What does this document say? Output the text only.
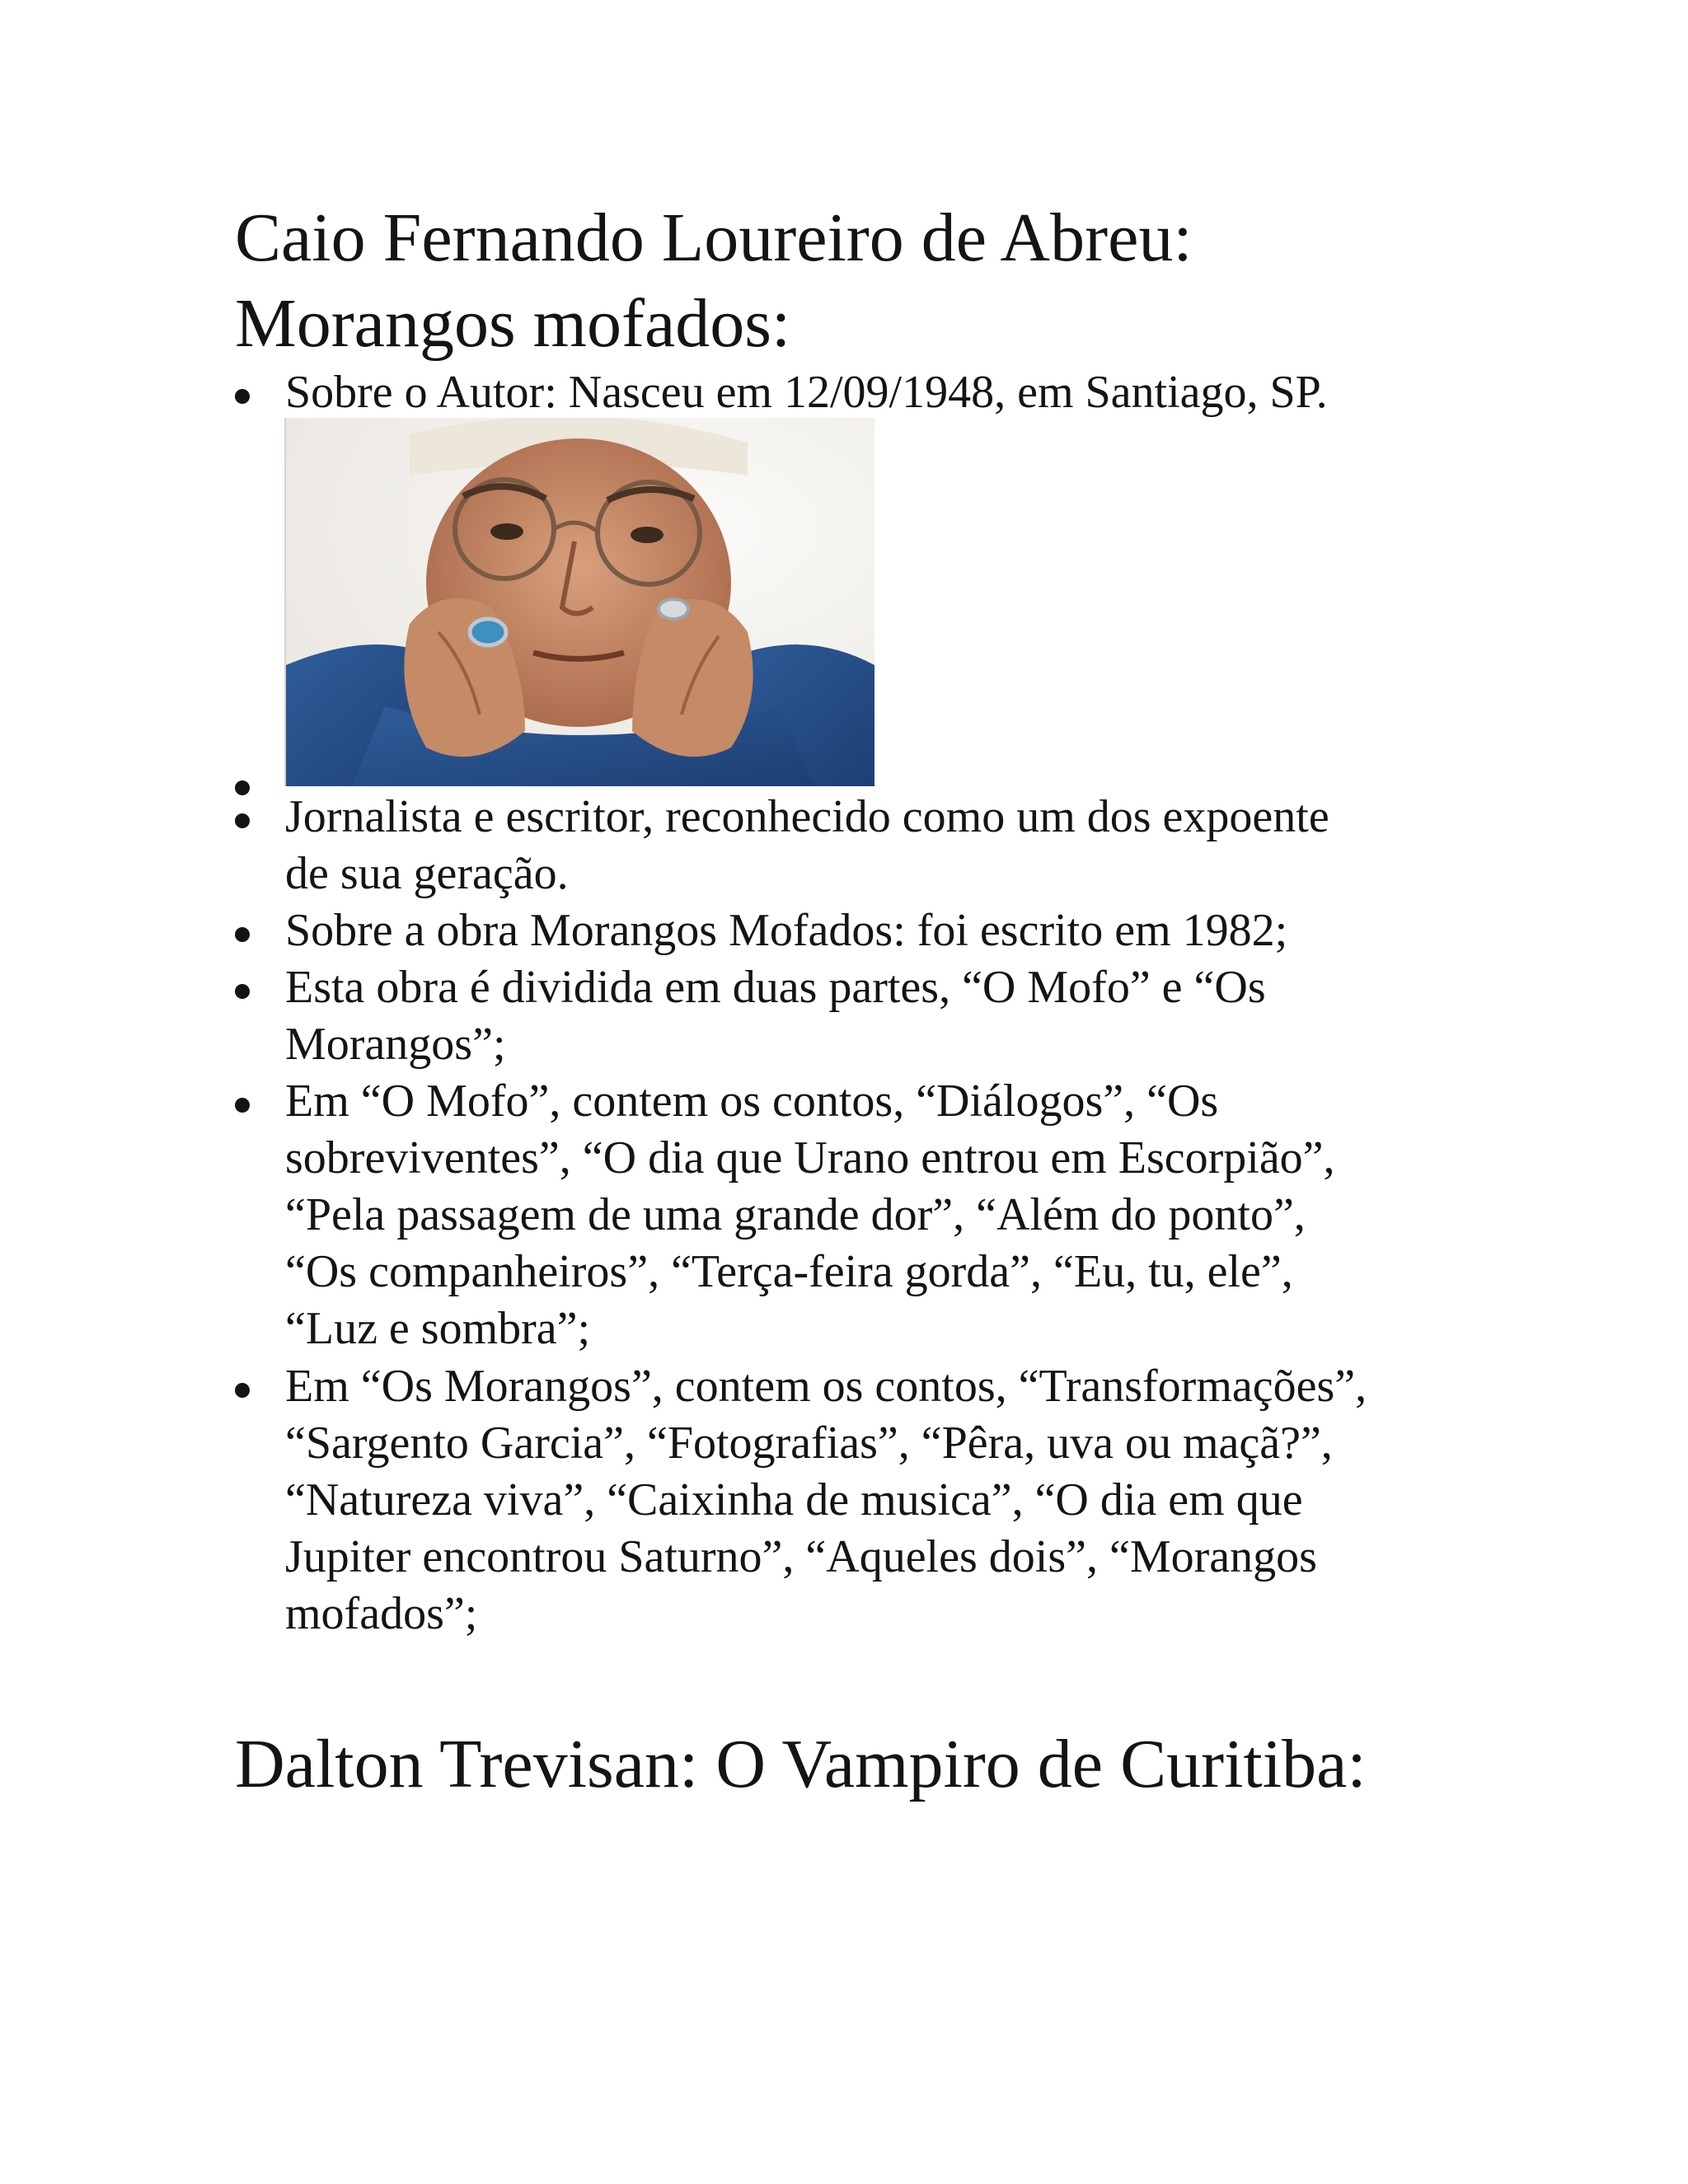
Caio Fernando Loureiro de Abreu:
Morangos mofados:
Sobre o Autor: Nasceu em 12/09/1948, em Santiago, SP.
Jornalista e escritor, reconhecido como um dos expoente
de sua geração.
Sobre a obra Morangos Mofados: foi escrito em 1982;
Esta obra é dividida em duas partes, “O Mofo” e “Os
Morangos”;
Em “O Mofo”, contem os contos, “Diálogos”, “Os
sobreviventes”, “O dia que Urano entrou em Escorpião”,
“Pela passagem de uma grande dor”, “Além do ponto”,
“Os companheiros”, “Terça-feira gorda”, “Eu, tu, ele”,
“Luz e sombra”;
Em “Os Morangos”, contem os contos, “Transformações”,
“Sargento Garcia”, “Fotografias”, “Pêra, uva ou maçã?”,
“Natureza viva”, “Caixinha de musica”, “O dia em que
Jupiter encontrou Saturno”, “Aqueles dois”, “Morangos
mofados”;
Dalton Trevisan: O Vampiro de Curitiba:
